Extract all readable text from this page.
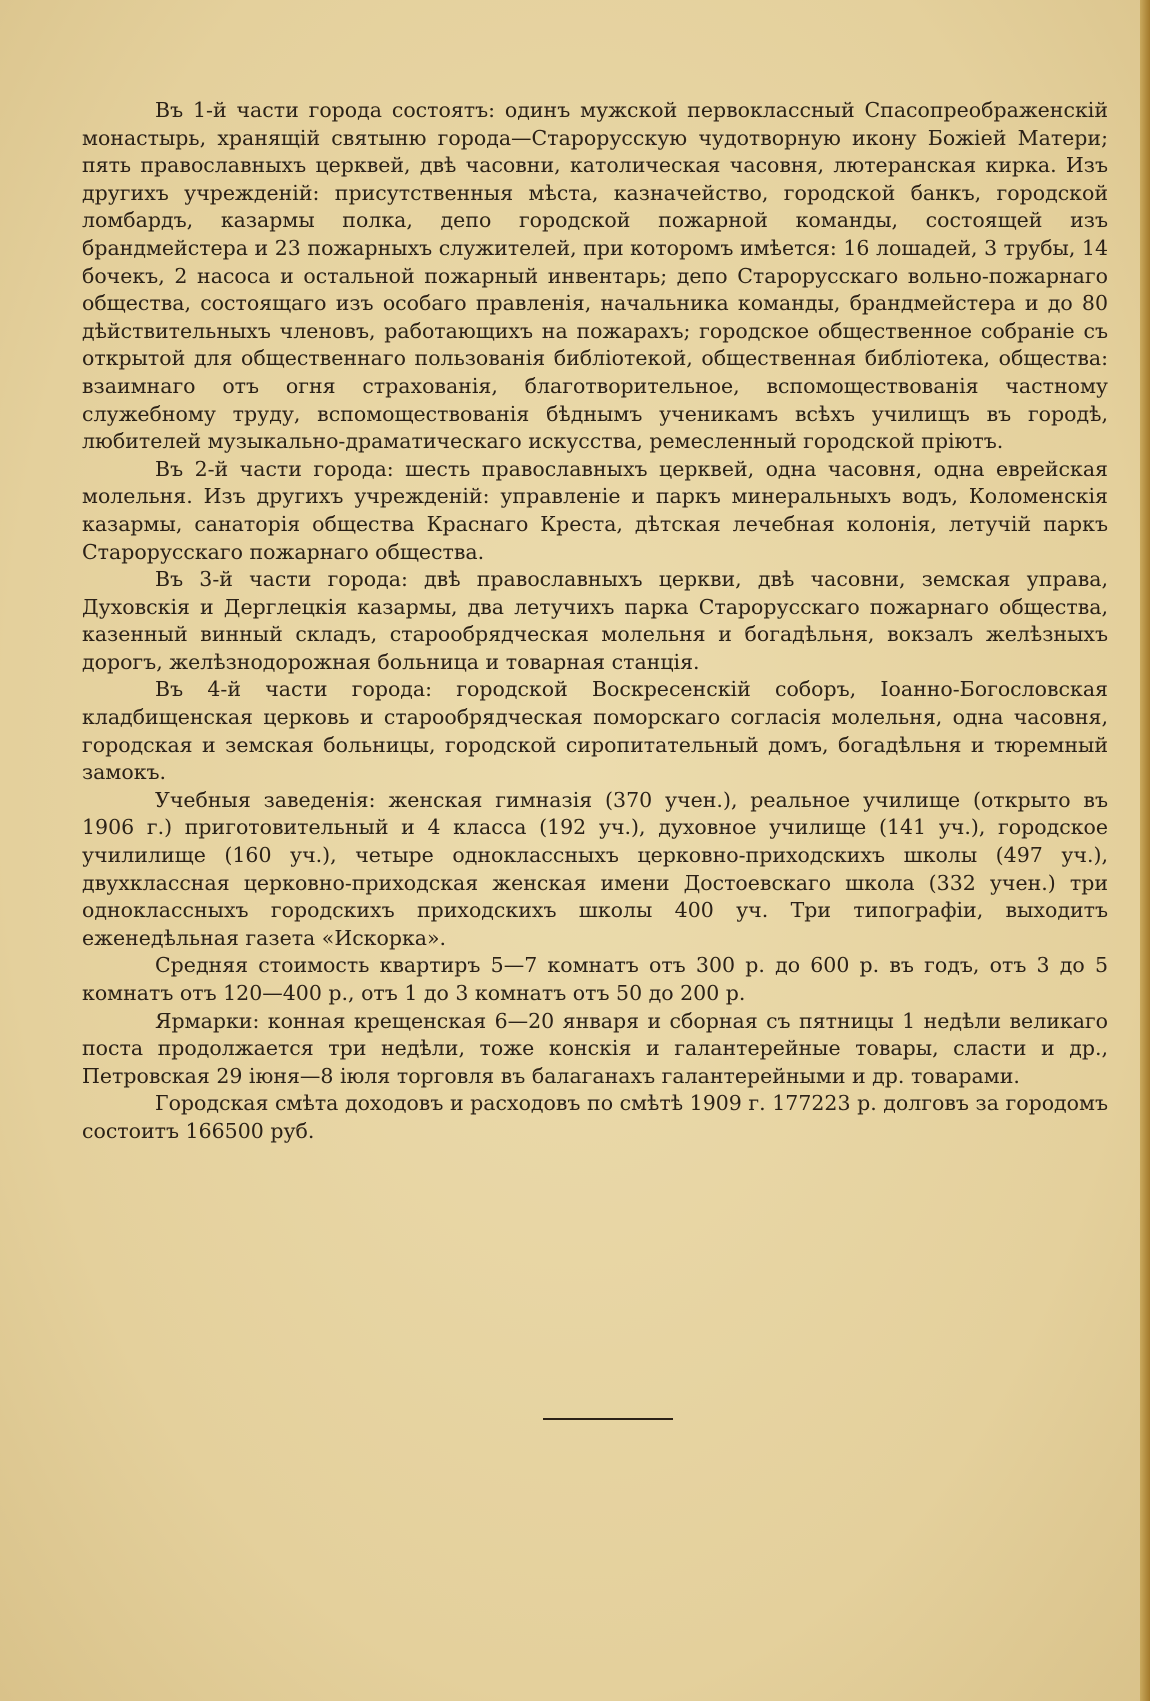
Въ 1-й части города состоятъ: одинъ мужской первоклассный Спасопреображенскій монастырь, хранящій святыню города—Старорусскую чудотворную икону Божіей Матери; пять православныхъ церквей, двѣ часовни, католическая часовня, лютеранская кирка. Изъ другихъ учрежденій: присутственныя мѣста, казначейство, городской банкъ, городской ломбардъ, казармы полка, депо городской пожарной команды, состоящей изъ брандмейстера и 23 пожарныхъ служителей, при которомъ имѣется: 16 лошадей, 3 трубы, 14 бочекъ, 2 насоса и остальной пожарный инвентарь; депо Старорусскаго вольно-пожарнаго общества, состоящаго изъ особаго правленія, начальника команды, брандмейстера и до 80 дѣйствительныхъ членовъ, работающихъ на пожарахъ; городское общественное собраніе съ открытой для общественнаго пользованія библіотекой, общественная библіотека, общества: взаимнаго отъ огня страхованія, благотворительное, вспомоществованія частному служебному труду, вспомоществованія бѣднымъ ученикамъ всѣхъ училищъ въ городѣ, любителей музыкально-драматическаго искусства, ремесленный городской пріютъ.

Въ 2-й части города: шесть православныхъ церквей, одна часовня, одна еврейская молельня. Изъ другихъ учрежденій: управленіе и паркъ минеральныхъ водъ, Коломенскія казармы, санаторія общества Краснаго Креста, дѣтская лечебная колонія, летучій паркъ Старорусскаго пожарнаго общества.

Въ 3-й части города: двѣ православныхъ церкви, двѣ часовни, земская управа, Духовскія и Дерглецкія казармы, два летучихъ парка Старорусскаго пожарнаго общества, казенный винный складъ, старообрядческая молельня и богадѣльня, вокзалъ желѣзныхъ дорогъ, желѣзнодорожная больница и товарная станція.

Въ 4-й части города: городской Воскресенскій соборъ, Іоанно-Богословская кладбищенская церковь и старообрядческая поморскаго согласія молельня, одна часовня, городская и земская больницы, городской сиропитательный домъ, богадѣльня и тюремный замокъ.

Учебныя заведенія: женская гимназія (370 учен.), реальное училище (открыто въ 1906 г.) приготовительный и 4 класса (192 уч.), духовное училище (141 уч.), городское училилище (160 уч.), четыре одноклассныхъ церковно-приходскихъ школы (497 уч.), двухклассная церковно-приходская женская имени Достоевскаго школа (332 учен.) три одноклассныхъ городскихъ приходскихъ школы 400 уч. Три типографіи, выходитъ еженедѣльная газета «Искорка».

Средняя стоимость квартиръ 5—7 комнатъ отъ 300 р. до 600 р. въ годъ, отъ 3 до 5 комнатъ отъ 120—400 р., отъ 1 до 3 комнатъ отъ 50 до 200 р.

Ярмарки: конная крещенская 6—20 января и сборная съ пятницы 1 недѣли великаго поста продолжается три недѣли, тоже конскія и галантерейные товары, сласти и др., Петровская 29 іюня—8 іюля торговля въ балаганахъ галантерейными и др. товарами.

Городская смѣта доходовъ и расходовъ по смѣтѣ 1909 г. 177223 р. долговъ за городомъ состоитъ 166500 руб.
